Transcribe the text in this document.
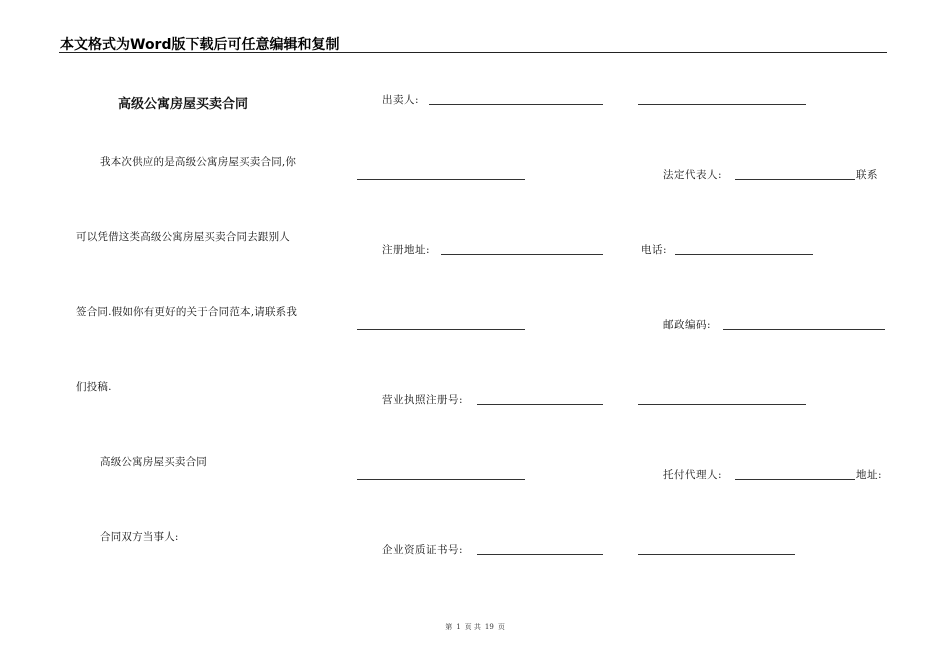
本文格式为Word版下载后可任意编辑和复制
高级公寓房屋买卖合同
我本次供应的是高级公寓房屋买卖合同,你
可以凭借这类高级公寓房屋买卖合同去跟别人
签合同.假如你有更好的关于合同范本,请联系我
们投稿.
高级公寓房屋买卖合同
合同双方当事人:
出卖人:
法定代表人:	联系
注册地址:	电话:
邮政编码:
营业执照注册号:
托付代理人:	地址:
企业资质证书号:
第 1 页 共 19 页
